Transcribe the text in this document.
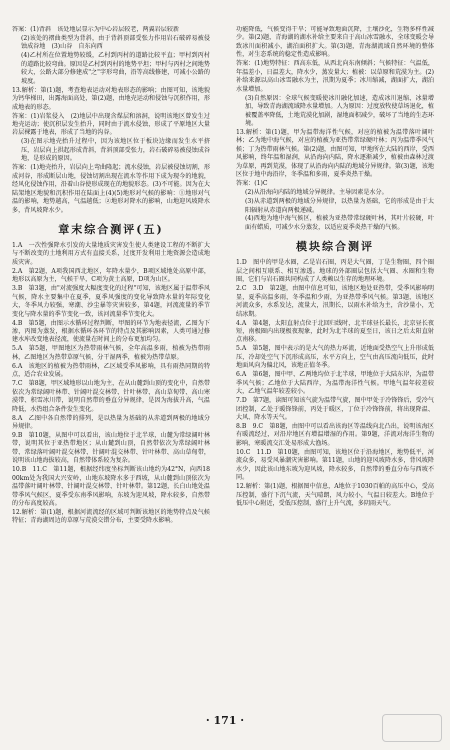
答案：(1)背斜　该处地层显示为中心岩层较老，两翼岩层较新

(2)该处的褶曲类型为背斜，由于背斜顶部受张力作用岩石破碎易被侵蚀成谷地　(3)山谷　自东向西

(4)乙村所在位置地势较缓，乙村到丙村的道路比较平直；甲村到丙村的道路比较弯曲。原因是乙村到丙村的地势平坦；甲村与丙村之间地势较大，公路大部分修建成"之"字形弯曲，沿等高线修建，可减小公路的坡度。

13.解析：第(1)题，考查地表运动对地表形态的影响；由图可知，该地貌为钙华梯田，出露海面高处，第(2)题，由地壳运动和侵蚀与沉积作用，形成地表的形态。

答案：(1)岩浆侵入　(2)地层中出现含煤层和溶洞，说明该地区曾发生过地壳运动；使沉积层发生抬升，同时由于流水侵蚀，形成了平原地区大量岩层裸露于地表，形成了当地的沟谷。

(3)在图示地壳抬升过程中，因为该地区位于板块边缘而发生水平挤压，岩层向上拱起形成背斜，背斜顶部受张力，岩石破碎易被侵蚀成谷地，是形成的原因。

答案：(1)地壳抬升，岩层向上弯曲隆起；流水侵蚀，岩层被侵蚀切割，形成河谷，形成断层山地，侵蚀切割出现在流水等作用下成为现今的地貌，经风化侵蚀作用，沿着山谷使形成现在的地貌形态。(3)不可能。因为在大陆架地区地貌和沉积作用在陆面上(4)(5)地形对气候的影响：①地形对气温的影响，地势越高，气温越低；②地形对降水的影响，山地迎风坡降水多，背风坡降水少。

章末综合测评(五)

1.A　一次性强降水引发的大量地质灾害发生使人类建设工程的不断扩大与不断改变的土地利用方式有直接关系，过度开发利用土地资源会造成地质灾害。

2.A　第2题，A项我国西北地区，年降水量少，B项区域地处高原中部，地形以高原为主，气候干旱，C项为黄土高原，D项为山区。

3.B　第3题，由"对流强度大幅度变化的过程"可知，该地区属于温带季风气候，降水主要集中在夏季，夏季风强度的变化导致降水量的年际变化大，冬季风力较强，寒潮、沙尘暴等灾害较多，第4题，河流流量的季节变化与降水量的季节变化一致，该河流量季节变化大。

4.B　第5题，由图示水循环过程判断，甲图的环节为地表径流，乙图为下渗，丙图为蒸发，根据水循环各环节的特点及其影响因素，人类可通过修建水库改变地表径流，使流量在时间上的分布更加均匀。

5.A　第5题，甲图地区为热带雨林气候，全年高温多雨，植被为热带雨林，乙图地区为热带草原气候，分干湿两季，植被为热带草原。

6.A　该地区的植被为热带雨林，乙区域受季风影响，具有雨热同期的特点，适合农业发展。

7.C　第8题，甲区域地形以山地为主，在从山麓到山顶的变化中，自然带依次为常绿阔叶林带、针阔叶混交林带、针叶林带、高山草甸带、高山寒漠带、积雪冰川带，说明自然带的垂直分异规律，是因为海拔升高，气温降低，水热组合条件发生变化。

8.A　乙图中各自然带的排列，是以热量为基础的从赤道到两极的地域分异规律。

9.B　第10题，从图中可以看出，该山地位于北半球，山麓为常绿阔叶林带，说明其位于亚热带地区；从山麓到山顶，自然带依次为常绿阔叶林带、常绿落叶阔叶混交林带、针阔叶混交林带、针叶林带、高山草甸带，说明该山地海拔较高，自然带体系较为复杂。

10.B　11.C　第11题，根据经纬度坐标判断该山地约为42°N，向西1800km处为我国大兴安岭，山地东坡降水多于西坡，从山麓到山顶依次为温带落叶阔叶林带、针阔叶混交林带、针叶林带。第12题，长白山地处温带季风气候区，夏季受东南季风影响，东坡为迎风坡，降水较多，自然带的分布高度较高。

12.解析：第(1)题，根据河流流经的区域可判断该地区的地势特点及气候特征；青海湖周边的草原与荒漠交错分布，主要受降水影响。

功能降低，气候变得干旱；可能导致地面沉降，土壤沙化，生物多样性减少。第(2)题，青海湖的湖水补给主要来自于高山冰雪融水，全球变暖会导致冰川面积减小，湖泊面积扩大。第(3)题，青海湖流域自然环境的整体性，对生态系统的稳定性造成影响。

答案：(1)地势特征：西高东低，从西北向东南倾斜；气候特征：气温低，年温差小，日温差大，降水少，蒸发量大；植被：以草原和荒漠为主。(2)补给来源以高山冰雪融水为主，汛期为夏季；冰川缩减，湖面扩大，湖泊水量增加。

(3)自然原因：全球气候变暖使冰川融化加速，造成冰川退缩、冰量增加，导致青海湖流域降水量增加。人为原因：过度放牧使草场退化，植被覆盖率降低，土地荒漠化加剧，湿地面积减少，破坏了当地的生态环境。

13.解析：第(1)题，甲为温带海洋性气候，对应的植被为温带落叶阔叶林；乙为地中海气候，对应的植被为亚热带常绿硬叶林；丙为温带季风气候；丁为热带雨林气候。第(2)题，由图可知，甲地所在大陆的西岸，受西风影响，终年温和湿润，从沿海向内陆，降水逐渐减少，植被由森林过渡为草原，再到荒漠，体现了从沿海向内陆的地域分异规律。第(3)题，该地区位于地中海沿岸，冬季温和多雨，夏季炎热干燥。

答案：(1)C

(2)从沿海向内陆的地域分异规律。主导因素是水分。

(3)从赤道到两极的地域分异规律，以热量为基础，它的形成是由于太阳辐射从赤道向两极递减。

(4)西地为地中海气候区，植被为亚热带常绿硬叶林，其叶片较硬，叶面有蜡质，可减少水分蒸发，以适应夏季炎热干燥的气候。

模块综合测评

1.D　图中的甲是水圈，乙是岩石圈，丙是大气圈，丁是生物圈，四个圈层之间相互联系、相互渗透。地球的外部圈层包括大气圈、水圈和生物圈，它们与岩石圈共同构成了人类赖以生存的地理环境。

2.C　3.D　第2题，由图中信息可知，该地区地处亚热带，受季风影响明显，夏季高温多雨，冬季温和少雨，为亚热带季风气候。第3题，该地区河流众多，水系发达，流量大，汛期长，以雨水补给为主，含沙量小，无结冰期。

4.A　第4题，太阳直射点位于北回归线时，北半球昼长最长，北京昼长夜短，南极圈内出现极夜现象，此时为北半球的夏至日，该日之后太阳直射点南移。

5.A　第5题，图中表示的是大气的热力环流，近地面受热空气上升形成低压，冷却处空气下沉形成高压，水平方向上，空气由高压流向低压，此时地面风向为偏北风，该地正值冬季。

6.A　第6题，图中甲、乙两地均位于北半球，甲地位于大陆东岸，为温带季风气候；乙地位于大陆西岸，为温带海洋性气候。甲地气温年较差较大，乙地气温年较差较小。

7.D　第7题，读图可知该气旋为温带气旋，图中甲处于冷锋锋后，受冷气团控制，乙处于暖锋锋前，丙处于暖区，丁位于冷锋锋前，将出现降温、大风、降水等天气。

8.B　9.C　第8题，由图中可以看出该海区等温线向北凸出，说明该海区有暖流经过，对沿岸地区有增温增湿的作用。第9题，洋流对海洋生物的影响，寒暖流交汇处易形成大渔场。

10.C　11.D　第10题，由图可知，该地区位于沿海地区，地势低平，河流众多，易受风暴潮灾害影响。第11题，山地的迎风坡降水多，背风坡降水少，因此该山地东坡为迎风坡，降水较多，自然带的垂直分布与西坡不同。

12.解析：第(1)题，根据图中信息，A地位于1030百帕的高压中心，受高压控制，盛行下沉气流，天气晴朗，风力较小，气温日较差大。B地位于低压中心附近，受低压控制，盛行上升气流，多阴雨天气。

· 171 ·
